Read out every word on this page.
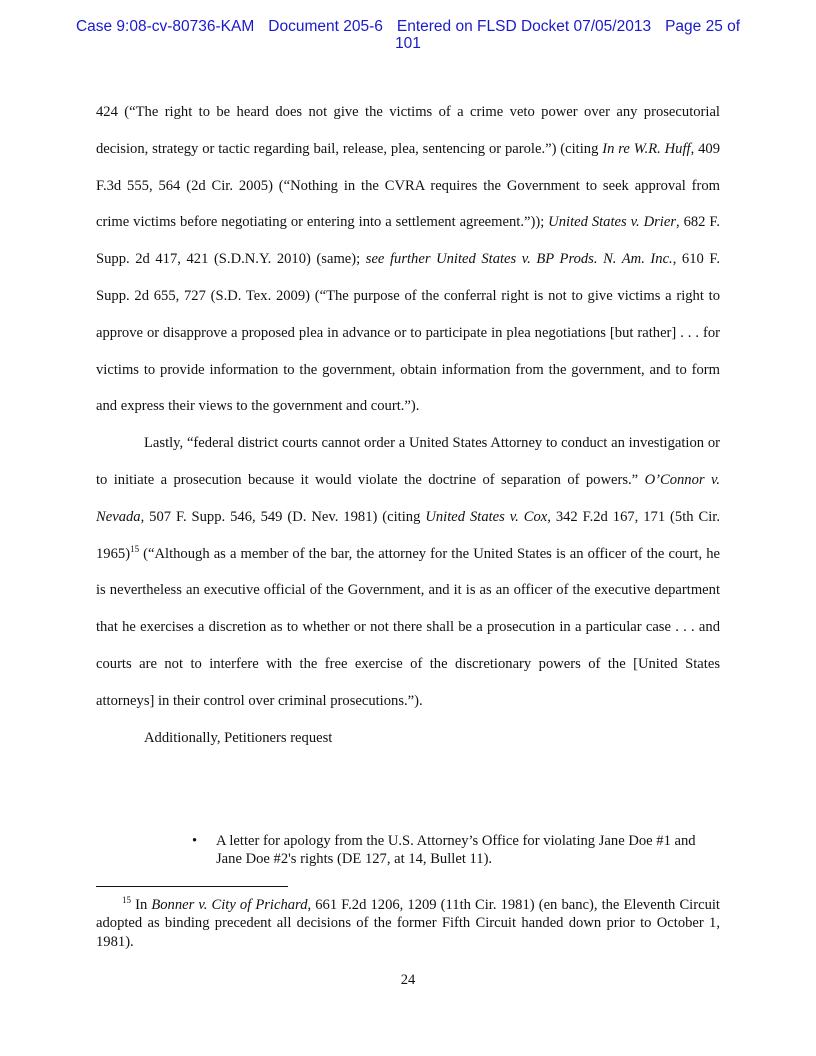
Case 9:08-cv-80736-KAM Document 205-6 Entered on FLSD Docket 07/05/2013 Page 25 of
101

424 (“The right to be heard does not give the victims of a crime veto power over any prosecutorial decision, strategy or tactic regarding bail, release, plea, sentencing or parole.”) (citing In re W.R. Huff, 409 F.3d 555, 564 (2d Cir. 2005) (“Nothing in the CVRA requires the Government to seek approval from crime victims before negotiating or entering into a settlement agreement.”)); United States v. Drier, 682 F. Supp. 2d 417, 421 (S.D.N.Y. 2010) (same); see further United States v. BP Prods. N. Am. Inc., 610 F. Supp. 2d 655, 727 (S.D. Tex. 2009) (“The purpose of the conferral right is not to give victims a right to approve or disapprove a proposed plea in advance or to participate in plea negotiations [but rather] . . . for victims to provide information to the government, obtain information from the government, and to form and express their views to the government and court.”).

Lastly, “federal district courts cannot order a United States Attorney to conduct an investigation or to initiate a prosecution because it would violate the doctrine of separation of powers.” O’Connor v. Nevada, 507 F. Supp. 546, 549 (D. Nev. 1981) (citing United States v. Cox, 342 F.2d 167, 171 (5th Cir. 1965)$^{15}$ (“Although as a member of the bar, the attorney for the United States is an officer of the court, he is nevertheless an executive official of the Government, and it is as an officer of the executive department that he exercises a discretion as to whether or not there shall be a prosecution in a particular case . . . and courts are not to interfere with the free exercise of the discretionary powers of the [United States attorneys] in their control over criminal prosecutions.”).

Additionally, Petitioners request

• A letter for apology from the U.S. Attorney’s Office for violating Jane Doe #1 and Jane Doe #2's rights (DE 127, at 14, Bullet 11).
$^{15}$ In Bonner v. City of Prichard, 661 F.2d 1206, 1209 (11th Cir. 1981) (en banc), the Eleventh Circuit adopted as binding precedent all decisions of the former Fifth Circuit handed down prior to October 1, 1981).
24
